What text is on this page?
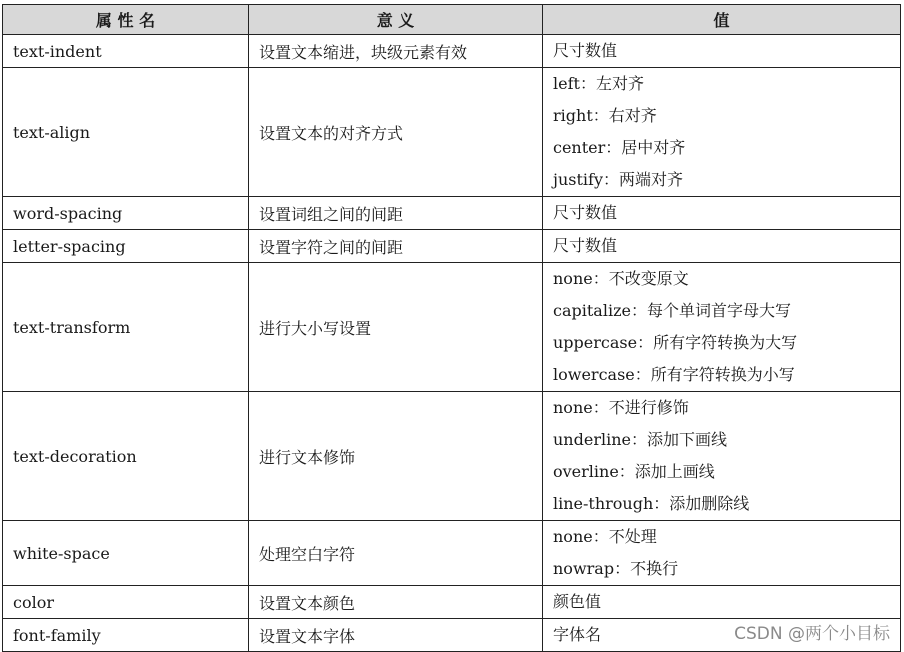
属 性 名	意 义	值
text-indent	设置文本缩进，块级元素有效	尺寸数值

text-align	设置文本的对齐方式	left：左对齐
right：右对齐
center：居中对齐
justify：两端对齐

word-spacing	设置词组之间的间距	尺寸数值

letter-spacing	设置字符之间的间距	尺寸数值

text-transform	进行大小写设置	none：不改变原文
capitalize：每个单词首字母大写
uppercase：所有字符转换为大写
lowercase：所有字符转换为小写

text-decoration	进行文本修饰	none：不进行修饰
underline：添加下画线
overline：添加上画线
line-through：添加删除线

white-space	处理空白字符	none：不处理
nowrap：不换行

color	设置文本颜色	颜色值

font-family	设置文本字体	字体名	CSDN @两个小目标
